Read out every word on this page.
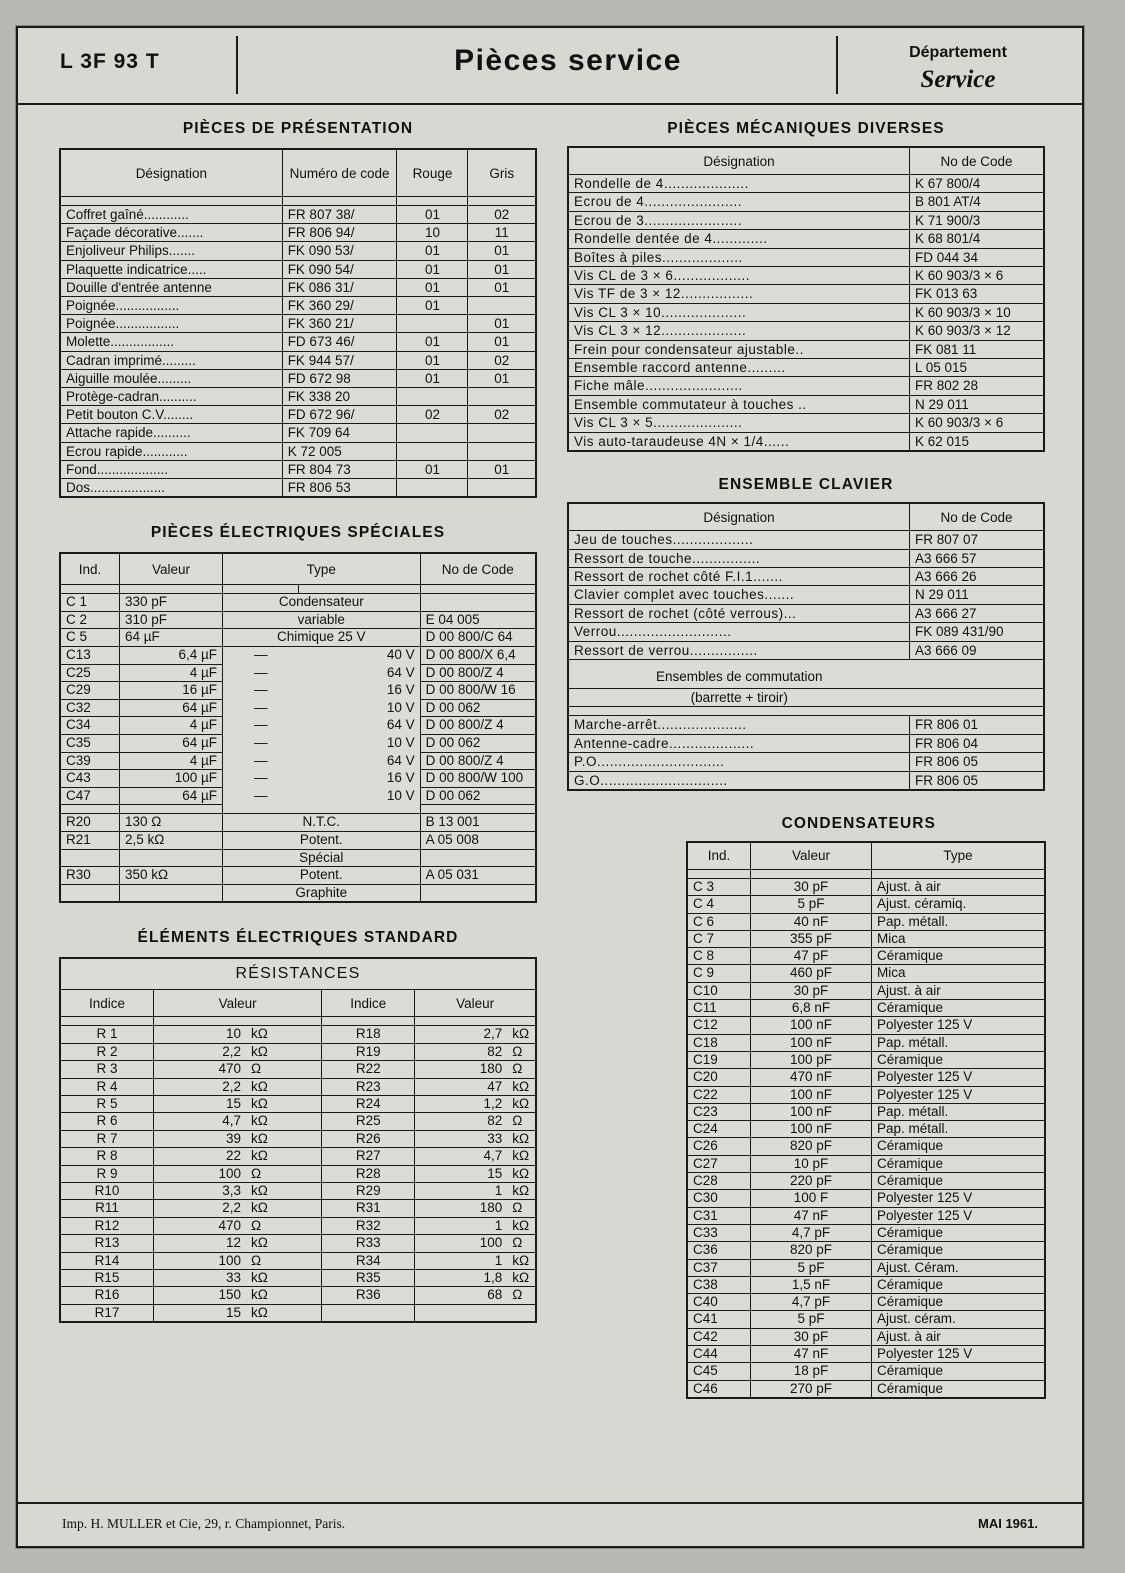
L 3F 93 T	Pièces service	Département
Service
PIÈCES DE PRÉSENTATION
Désignation	Numéro de code	Rouge	Gris

Coffret gaîné............	FR 807 38/	01	02
Façade décorative.......	FR 806 94/	10	11
Enjoliveur Philips.......	FK 090 53/	01	01
Plaquette indicatrice.....	FK 090 54/	01	01
Douille d'entrée antenne	FK 086 31/	01	01
Poignée.................	FK 360 29/	01	
Poignée.................	FK 360 21/		01
Molette.................	FD 673 46/	01	01
Cadran imprimé.........	FK 944 57/	01	02
Aiguille moulée.........	FD 672 98	01	01
Protège-cadran..........	FK 338 20		
Petit bouton C.V........	FD 672 96/	02	02
Attache rapide..........	FK 709 64		
Ecrou rapide............	K 72 005		
Fond...................	FR 804 73	01	01
Dos....................	FR 806 53		
PIÈCES ÉLECTRIQUES SPÉCIALES
Ind.	Valeur	Type		No de Code

C 1	330 pF	Condensateur		
C 2	310 pF	variable		E 04 005
C 5	64 µF	Chimique 25 V		D 00 800/C 64
C13	6,4 µF	—	40 V	D 00 800/X 6,4
C25	4 µF	—	64 V	D 00 800/Z 4
C29	16 µF	—	16 V	D 00 800/W 16
C32	64 µF	—	10 V	D 00 062
C34	4 µF	—	64 V	D 00 800/Z 4
C35	64 µF	—	10 V	D 00 062
C39	4 µF	—	64 V	D 00 800/Z 4
C43	100 µF	—	16 V	D 00 800/W 100
C47	64 µF	—	10 V	D 00 062

R20	130 Ω	N.T.C.		B 13 001
R21	2,5 kΩ	Potent.		A 05 008
		Spécial		
R30	350 kΩ	Potent.		A 05 031
		Graphite		
ÉLÉMENTS ÉLECTRIQUES STANDARD
RÉSISTANCES					
Indice	Valeur		Indice	Valeur	

R 1	10	kΩ	R18	2,7	kΩ
R 2	2,2	kΩ	R19	82	Ω
R 3	470	Ω	R22	180	Ω
R 4	2,2	kΩ	R23	47	kΩ
R 5	15	kΩ	R24	1,2	kΩ
R 6	4,7	kΩ	R25	82	Ω
R 7	39	kΩ	R26	33	kΩ
R 8	22	kΩ	R27	4,7	kΩ
R 9	100	Ω	R28	15	kΩ
R10	3,3	kΩ	R29	1	kΩ
R11	2,2	kΩ	R31	180	Ω
R12	470	Ω	R32	1	kΩ
R13	12	kΩ	R33	100	Ω
R14	100	Ω	R34	1	kΩ
R15	33	kΩ	R35	1,8	kΩ
R16	150	kΩ	R36	68	Ω
R17	15	kΩ			
PIÈCES MÉCANIQUES DIVERSES
Désignation	No de Code
Rondelle de 4....................	K 67 800/4
Ecrou de 4.......................	B 801 AT/4
Ecrou de 3.......................	K 71 900/3
Rondelle dentée de 4.............	K 68 801/4
Boîtes à piles...................	FD 044 34
Vis CL de 3 × 6..................	K 60 903/3 × 6
Vis TF de 3 × 12.................	FK 013 63
Vis CL 3 × 10....................	K 60 903/3 × 10
Vis CL 3 × 12....................	K 60 903/3 × 12
Frein pour condensateur ajustable..	FK 081 11
Ensemble raccord antenne.........	L 05 015
Fiche mâle.......................	FR 802 28
Ensemble commutateur à touches ..	N 29 011
Vis CL 3 × 5.....................	K 60 903/3 × 6
Vis auto-taraudeuse 4N × 1/4......	K 62 015
ENSEMBLE CLAVIER
Désignation	No de Code
Jeu de touches...................	FR 807 07
Ressort de touche................	A3 666 57
Ressort de rochet côté F.I.1.......	A3 666 26
Clavier complet avec touches.......	N 29 011
Ressort de rochet (côté verrous)...	A3 666 27
Verrou...........................	FK 089 431/90
Ressort de verrou................	A3 666 09
Ensembles de commutation	
(barrette + tiroir)	

Marche-arrêt.....................	FR 806 01
Antenne-cadre....................	FR 806 04
P.O..............................	FR 806 05
G.O..............................	FR 806 05
CONDENSATEURS
Ind.	Valeur	Type

C 3	30 pF	Ajust. à air
C 4	5 pF	Ajust. céramiq.
C 6	40 nF	Pap. métall.
C 7	355 pF	Mica
C 8	47 pF	Céramique
C 9	460 pF	Mica
C10	30 pF	Ajust. à air
C11	6,8 nF	Céramique
C12	100 nF	Polyester 125 V
C18	100 nF	Pap. métall.
C19	100 pF	Céramique
C20	470 nF	Polyester 125 V
C22	100 nF	Polyester 125 V
C23	100 nF	Pap. métall.
C24	100 nF	Pap. métall.
C26	820 pF	Céramique
C27	10 pF	Céramique
C28	220 pF	Céramique
C30	100 F	Polyester 125 V
C31	47 nF	Polyester 125 V
C33	4,7 pF	Céramique
C36	820 pF	Céramique
C37	5 pF	Ajust. Céram.
C38	1,5 nF	Céramique
C40	4,7 pF	Céramique
C41	5 pF	Ajust. céram.
C42	30 pF	Ajust. à air
C44	47 nF	Polyester 125 V
C45	18 pF	Céramique
C46	270 pF	Céramique
Imp. H. MULLER et Cie, 29, r. Championnet, Paris.	MAI 1961.
